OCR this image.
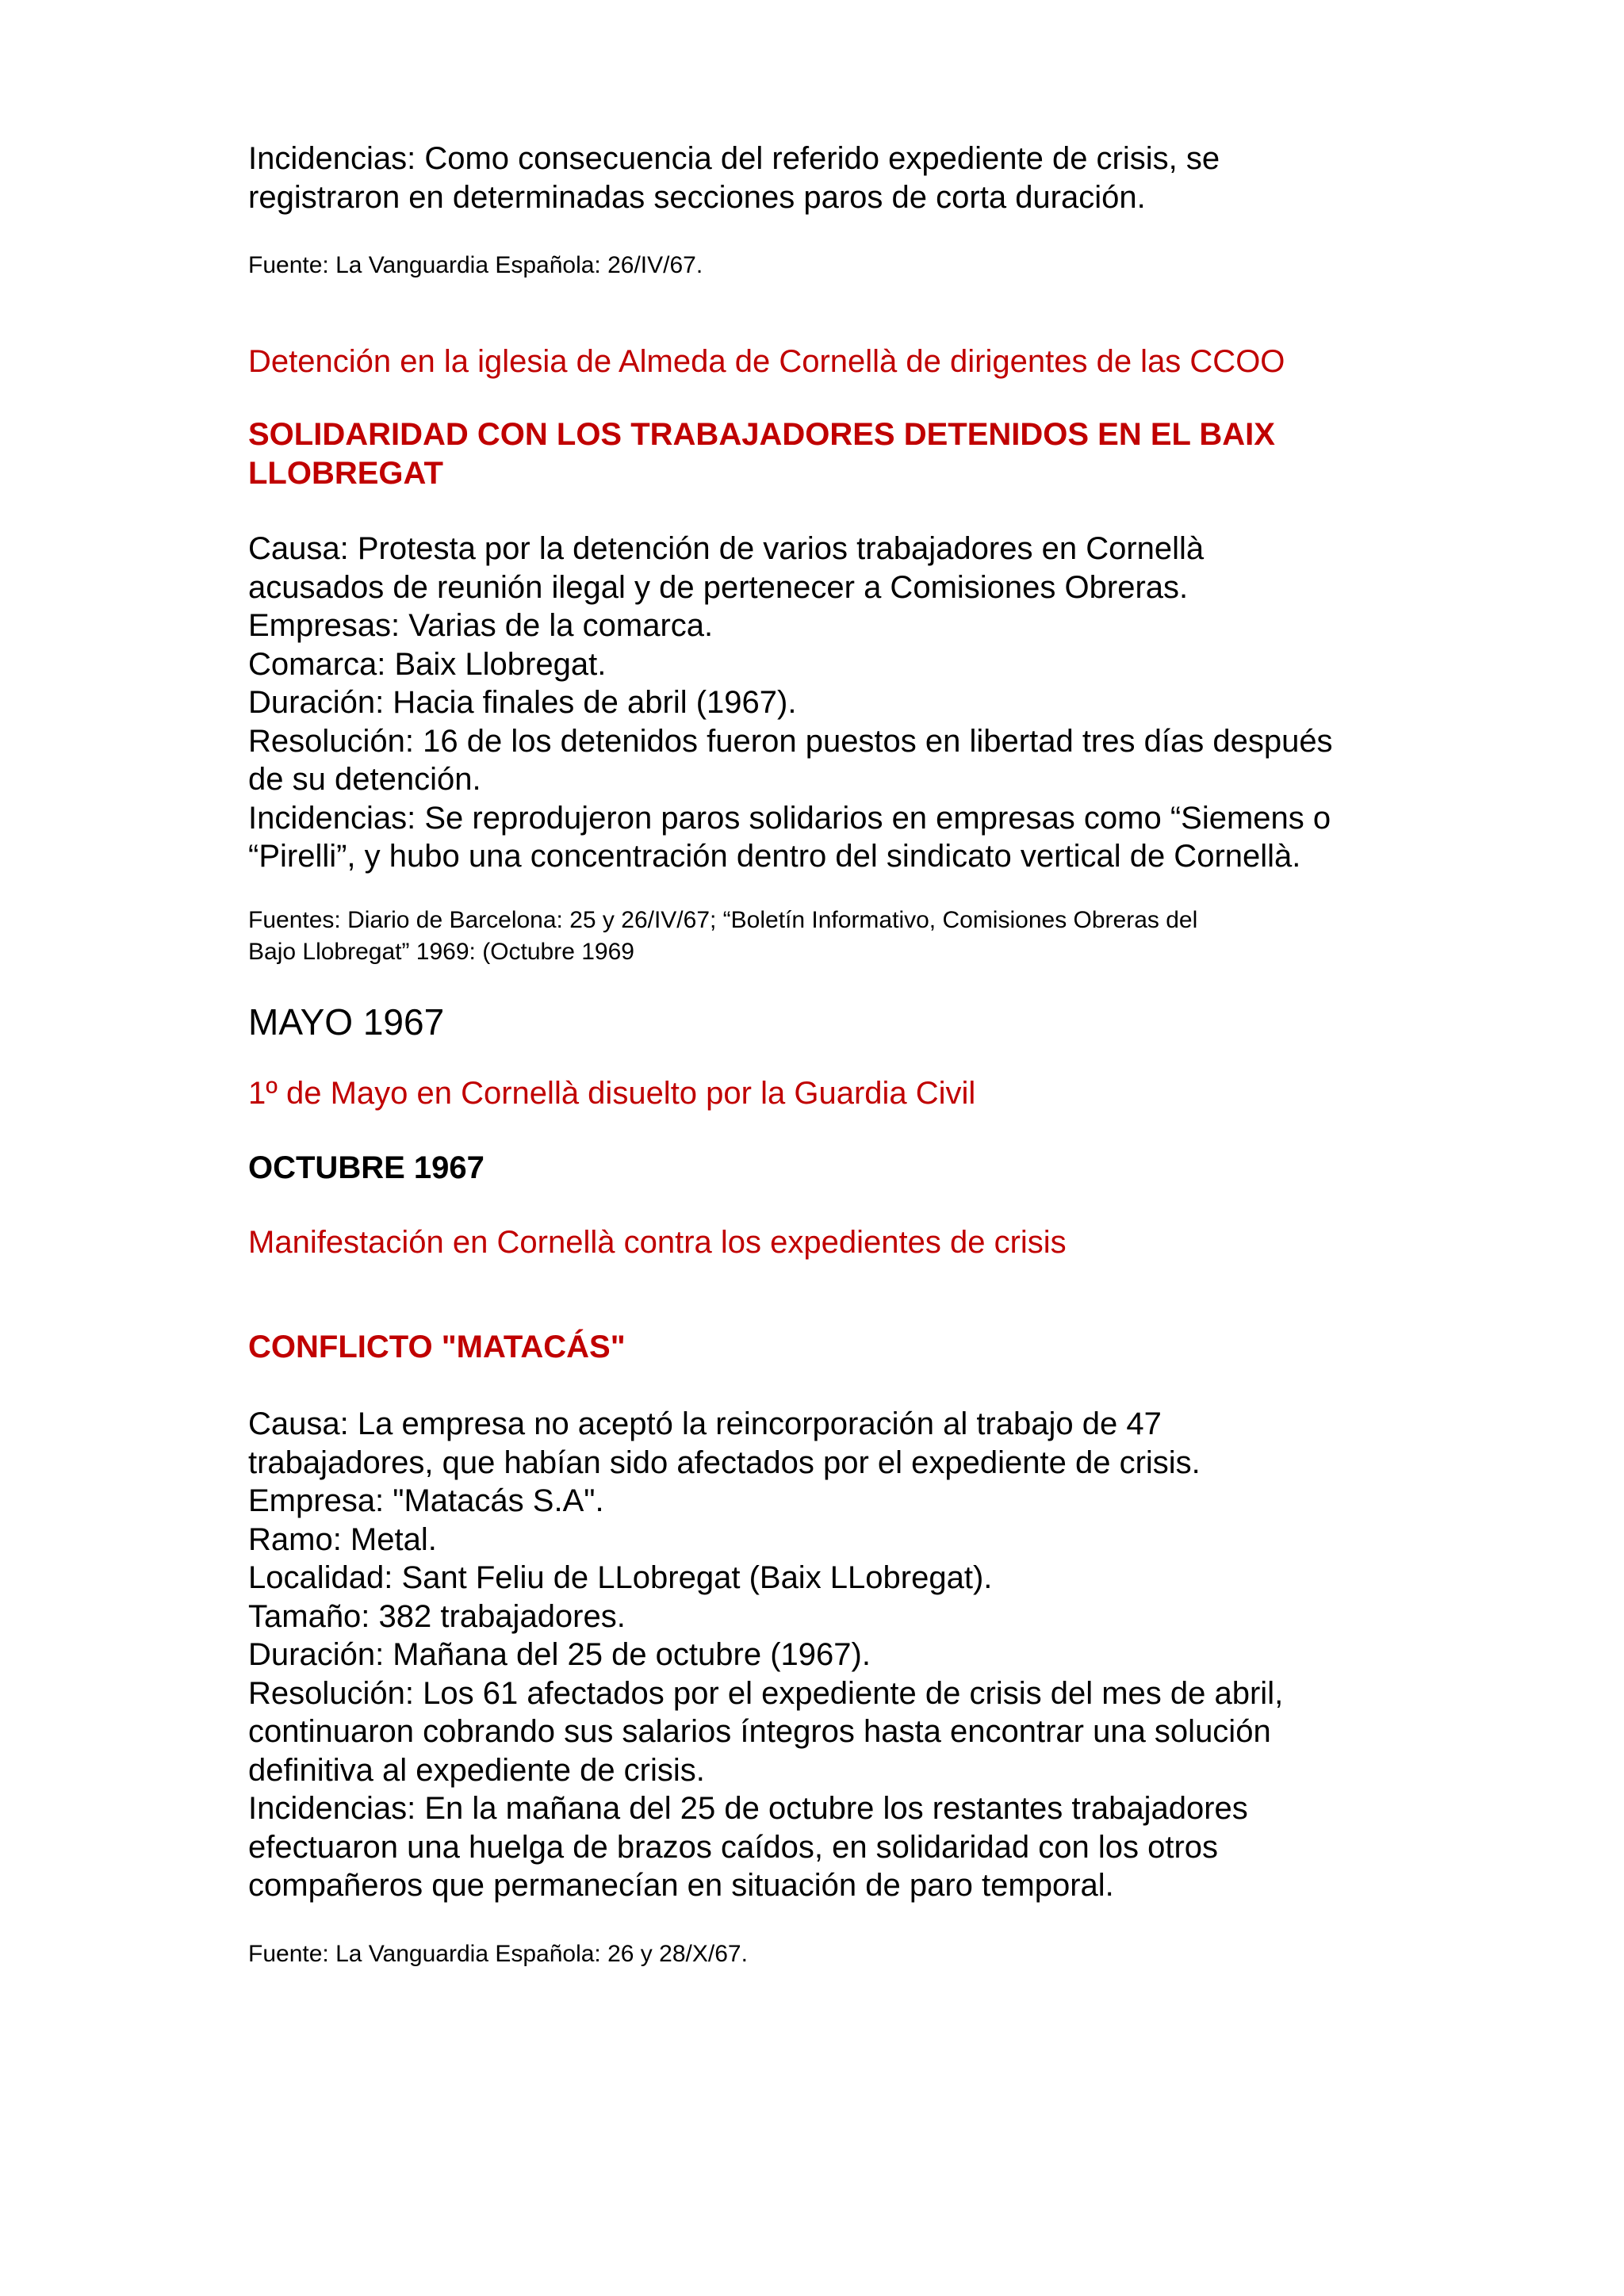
Incidencias: Como consecuencia del referido expediente de crisis, se

registraron en determinadas secciones paros de corta duración.

Fuente: La Vanguardia Española: 26/IV/67.

Detención en la iglesia de Almeda de Cornellà de dirigentes de las CCOO

SOLIDARIDAD CON LOS TRABAJADORES DETENIDOS EN EL BAIX

LLOBREGAT

Causa: Protesta por la detención de varios trabajadores en Cornellà

acusados de reunión ilegal y de pertenecer a Comisiones Obreras.

Empresas: Varias de la comarca.

Comarca: Baix Llobregat.

Duración: Hacia finales de abril (1967).

Resolución: 16 de los detenidos fueron puestos en libertad tres días después

de su detención.

Incidencias: Se reprodujeron paros solidarios en empresas como “Siemens o

“Pirelli”, y hubo una concentración dentro del sindicato vertical de Cornellà.

Fuentes: Diario de Barcelona: 25 y 26/IV/67; “Boletín Informativo, Comisiones Obreras del

Bajo Llobregat” 1969: (Octubre 1969

MAYO 1967

1º de Mayo en Cornellà disuelto por la Guardia Civil

OCTUBRE 1967

Manifestación en Cornellà contra los expedientes de crisis

CONFLICTO "MATACÁS"

Causa: La empresa no aceptó la reincorporación al trabajo de 47

trabajadores, que habían sido afectados por el expediente de crisis.

Empresa: "Matacás S.A".

Ramo: Metal.

Localidad: Sant Feliu de LLobregat (Baix LLobregat).

Tamaño: 382 trabajadores.

Duración: Mañana del 25 de octubre (1967).

Resolución: Los 61 afectados por el expediente de crisis del mes de abril,

continuaron cobrando sus salarios íntegros hasta encontrar una solución

definitiva al expediente de crisis.

Incidencias: En la mañana del 25 de octubre los restantes trabajadores

efectuaron una huelga de brazos caídos, en solidaridad con los otros

compañeros que permanecían en situación de paro temporal.

Fuente: La Vanguardia Española: 26 y 28/X/67.
